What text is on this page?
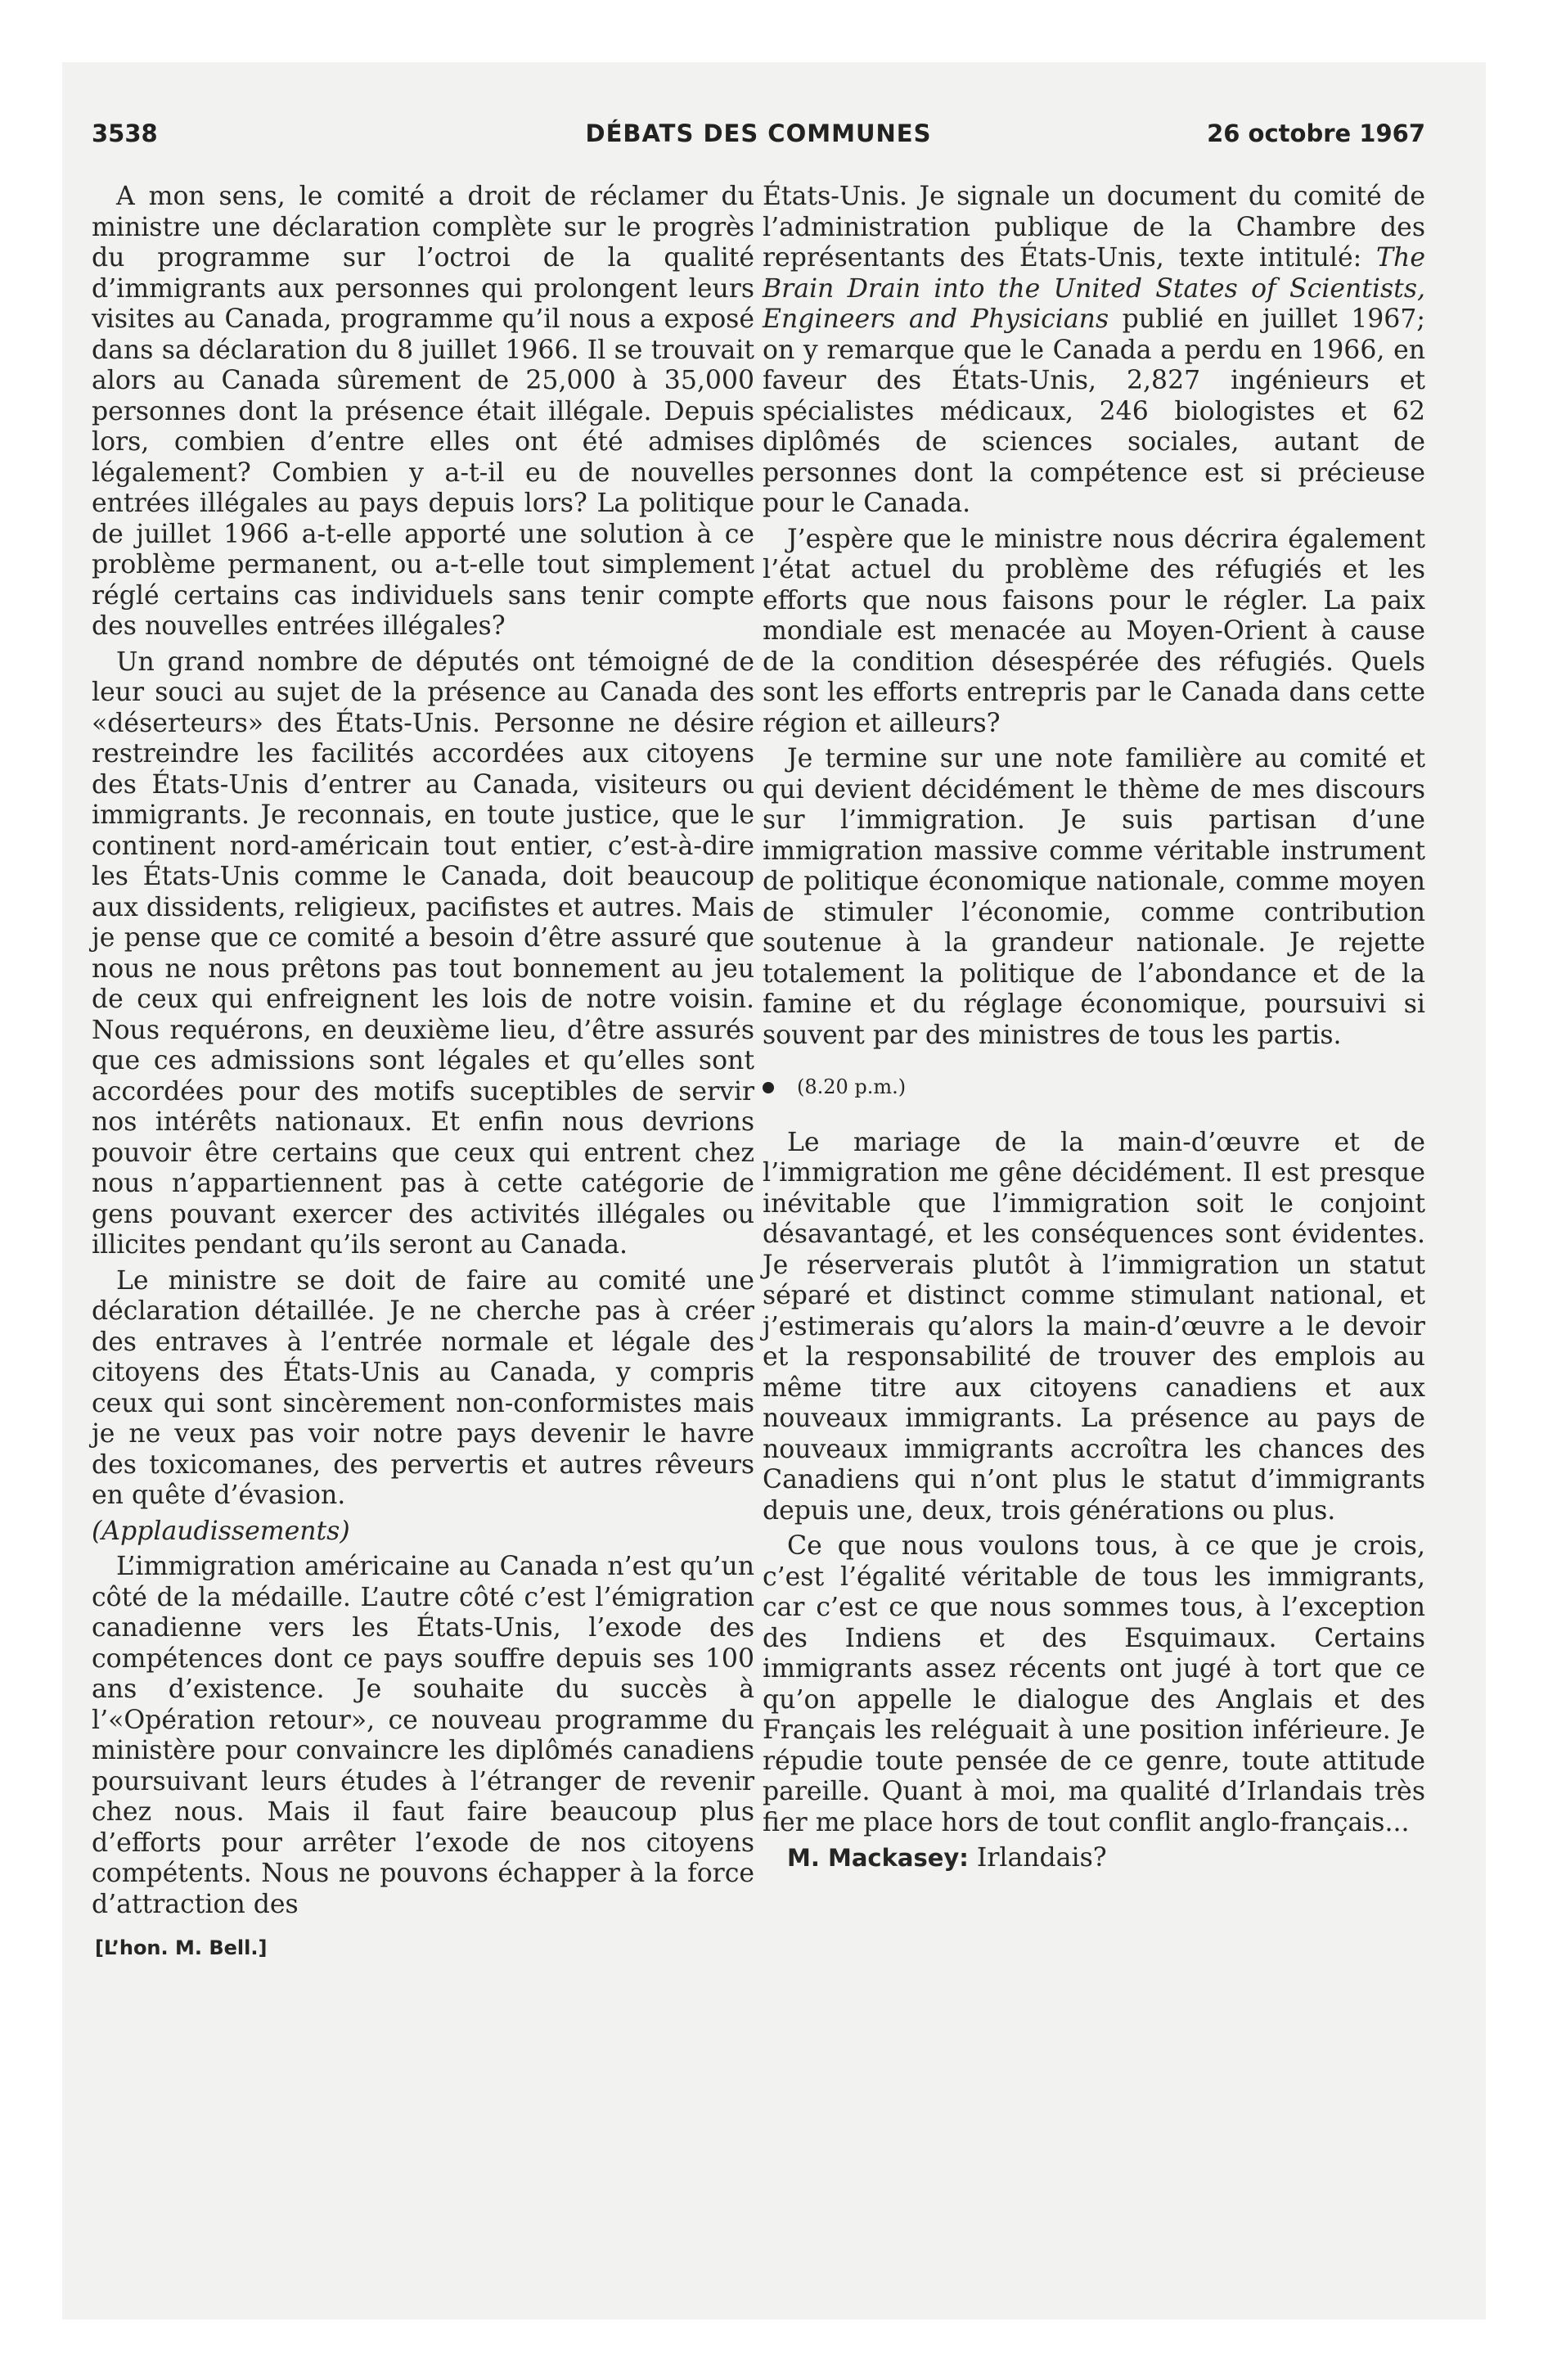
DÉBATS DES COMMUNES
3538	26 octobre 1967

A mon sens, le comité a droit de réclamer du ministre une déclaration complète sur le progrès du programme sur l’octroi de la qualité d’immigrants aux personnes qui prolongent leurs visites au Canada, programme qu’il nous a exposé dans sa déclaration du 8 juillet 1966. Il se trouvait alors au Canada sûrement de 25,000 à 35,000 personnes dont la présence était illégale. Depuis lors, combien d’entre elles ont été admises légalement? Combien y a-t-il eu de nouvelles entrées illégales au pays depuis lors? La politique de juillet 1966 a-t-elle apporté une solution à ce problème permanent, ou a-t-elle tout simplement réglé certains cas individuels sans tenir compte des nouvelles entrées illégales?

Un grand nombre de députés ont témoigné de leur souci au sujet de la présence au Canada des «déserteurs» des États-Unis. Personne ne désire restreindre les facilités accordées aux citoyens des États-Unis d’entrer au Canada, visiteurs ou immigrants. Je reconnais, en toute justice, que le continent nord-américain tout entier, c’est-à-dire les États-Unis comme le Canada, doit beaucoup aux dissidents, religieux, pacifistes et autres. Mais je pense que ce comité a besoin d’être assuré que nous ne nous prêtons pas tout bonnement au jeu de ceux qui enfreignent les lois de notre voisin. Nous requérons, en deuxième lieu, d’être assurés que ces admissions sont légales et qu’elles sont accordées pour des motifs suceptibles de servir nos intérêts nationaux. Et enfin nous devrions pouvoir être certains que ceux qui entrent chez nous n’appartiennent pas à cette catégorie de gens pouvant exercer des activités illégales ou illicites pendant qu’ils seront au Canada.

Le ministre se doit de faire au comité une déclaration détaillée. Je ne cherche pas à créer des entraves à l’entrée normale et légale des citoyens des États-Unis au Canada, y compris ceux qui sont sincèrement non-conformistes mais je ne veux pas voir notre pays devenir le havre des toxicomanes, des pervertis et autres rêveurs en quête d’évasion.

(Applaudissements)

L’immigration américaine au Canada n’est qu’un côté de la médaille. L’autre côté c’est l’émigration canadienne vers les États-Unis, l’exode des compétences dont ce pays souffre depuis ses 100 ans d’existence. Je souhaite du succès à l’«Opération retour», ce nouveau programme du ministère pour convaincre les diplômés canadiens poursuivant leurs études à l’étranger de revenir chez nous. Mais il faut faire beaucoup plus d’efforts pour arrêter l’exode de nos citoyens compétents. Nous ne pouvons échapper à la force d’attraction des

[L’hon. M. Bell.]

États-Unis. Je signale un document du comité de l’administration publique de la Chambre des représentants des États-Unis, texte intitulé: The Brain Drain into the United States of Scientists, Engineers and Physicians publié en juillet 1967; on y remarque que le Canada a perdu en 1966, en faveur des États-Unis, 2,827 ingénieurs et spécialistes médicaux, 246 biologistes et 62 diplômés de sciences sociales, autant de personnes dont la compétence est si précieuse pour le Canada.

J’espère que le ministre nous décrira également l’état actuel du problème des réfugiés et les efforts que nous faisons pour le régler. La paix mondiale est menacée au Moyen-Orient à cause de la condition désespérée des réfugiés. Quels sont les efforts entrepris par le Canada dans cette région et ailleurs?

Je termine sur une note familière au comité et qui devient décidément le thème de mes discours sur l’immigration. Je suis partisan d’une immigration massive comme véritable instrument de politique économique nationale, comme moyen de stimuler l’économie, comme contribution soutenue à la grandeur nationale. Je rejette totalement la politique de l’abondance et de la famine et du réglage économique, poursuivi si souvent par des ministres de tous les partis.

(8.20 p.m.)

Le mariage de la main-d’œuvre et de l’immigration me gêne décidément. Il est presque inévitable que l’immigration soit le conjoint désavantagé, et les conséquences sont évidentes. Je réserverais plutôt à l’immigration un statut séparé et distinct comme stimulant national, et j’estimerais qu’alors la main-d’œuvre a le devoir et la responsabilité de trouver des emplois au même titre aux citoyens canadiens et aux nouveaux immigrants. La présence au pays de nouveaux immigrants accroîtra les chances des Canadiens qui n’ont plus le statut d’immigrants depuis une, deux, trois générations ou plus.

Ce que nous voulons tous, à ce que je crois, c’est l’égalité véritable de tous les immigrants, car c’est ce que nous sommes tous, à l’exception des Indiens et des Esquimaux. Certains immigrants assez récents ont jugé à tort que ce qu’on appelle le dialogue des Anglais et des Français les reléguait à une position inférieure. Je répudie toute pensée de ce genre, toute attitude pareille. Quant à moi, ma qualité d’Irlandais très fier me place hors de tout conflit anglo-français...

M. Mackasey: Irlandais?
